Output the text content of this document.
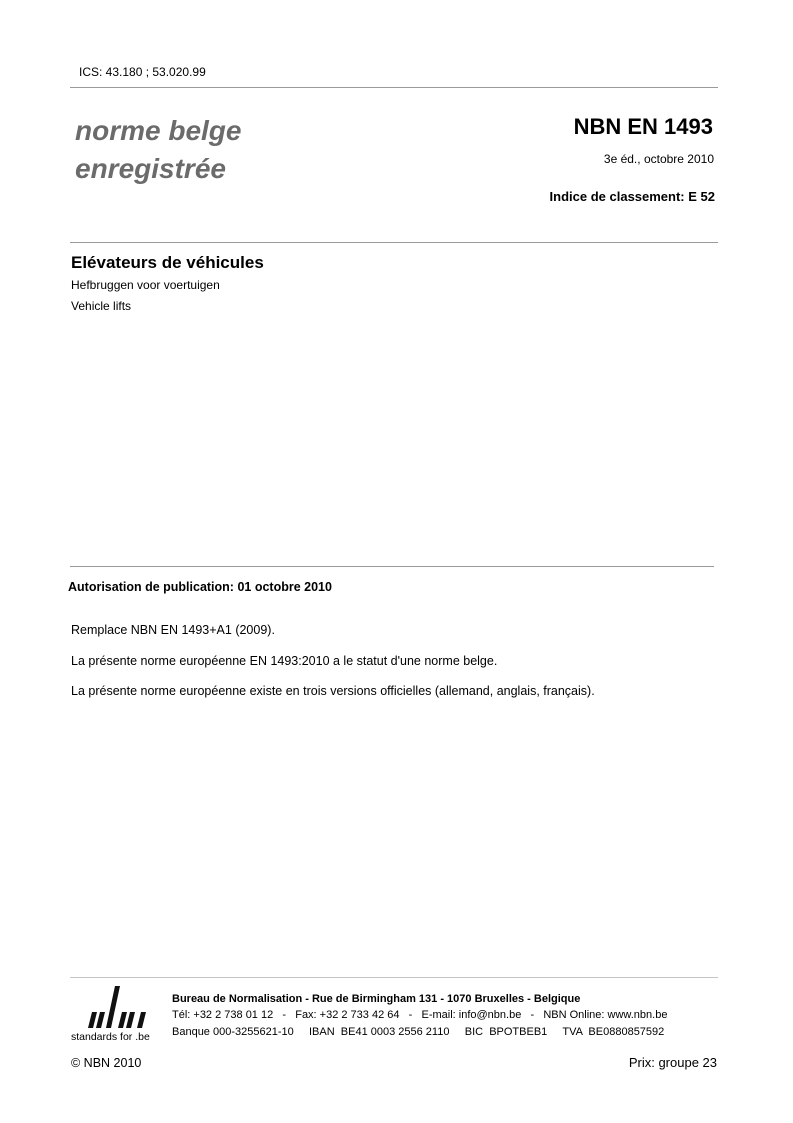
ICS: 43.180 ; 53.020.99
norme belge
enregistrée
NBN EN 1493
3e éd., octobre 2010
Indice de classement: E 52
Elévateurs de véhicules
Hefbruggen voor voertuigen
Vehicle lifts
Autorisation de publication: 01 octobre 2010
Remplace NBN EN 1493+A1 (2009).
La présente norme européenne EN 1493:2010 a le statut d'une norme belge.
La présente norme européenne existe en trois versions officielles (allemand, anglais, français).
standards for .be
Bureau de Normalisation - Rue de Birmingham 131 - 1070 Bruxelles - Belgique
Tél: +32 2 738 01 12   -   Fax: +32 2 733 42 64   -   E-mail: info@nbn.be   -   NBN Online: www.nbn.be
Banque 000-3255621-10     IBAN  BE41 0003 2556 2110     BIC  BPOTBEB1     TVA  BE0880857592
© NBN 2010	Prix: groupe 23
